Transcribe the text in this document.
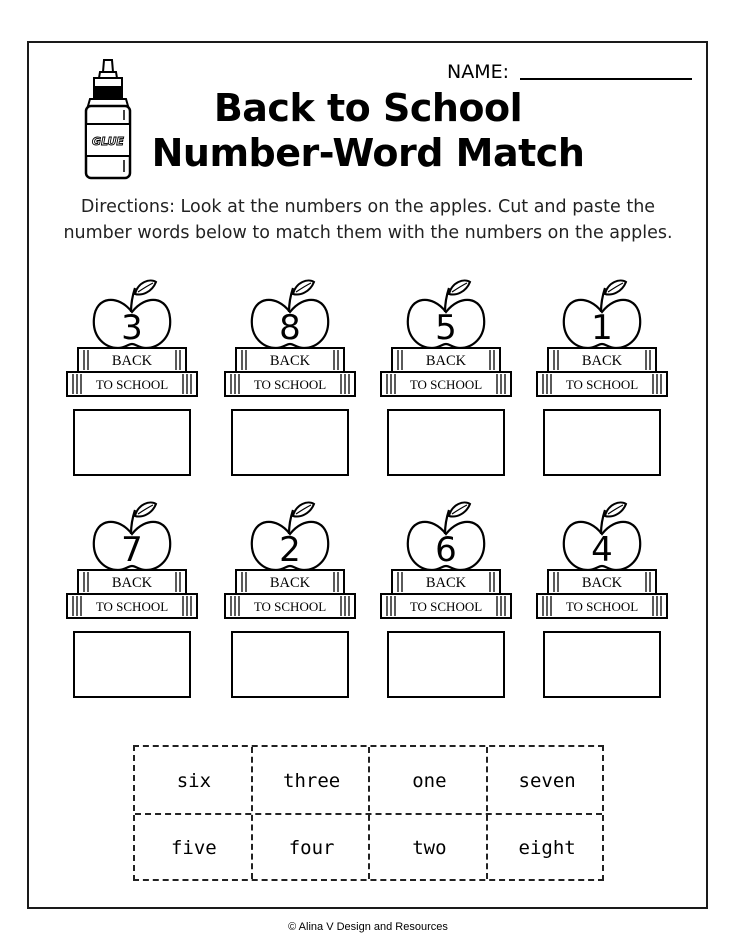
GLUE
NAME:
Back to School
Number-Word Match
Directions: Look at the numbers on the apples. Cut and paste the
number words below to match them with the numbers on the apples.
BACK
TO SCHOOL
3
BACK
TO SCHOOL
8
BACK
TO SCHOOL
5
BACK
TO SCHOOL
1
BACK
TO SCHOOL
7
BACK
TO SCHOOL
2
BACK
TO SCHOOL
6
BACK
TO SCHOOL
4
six	three	one	seven
five	four	two	eight
© Alina V Design and Resources
